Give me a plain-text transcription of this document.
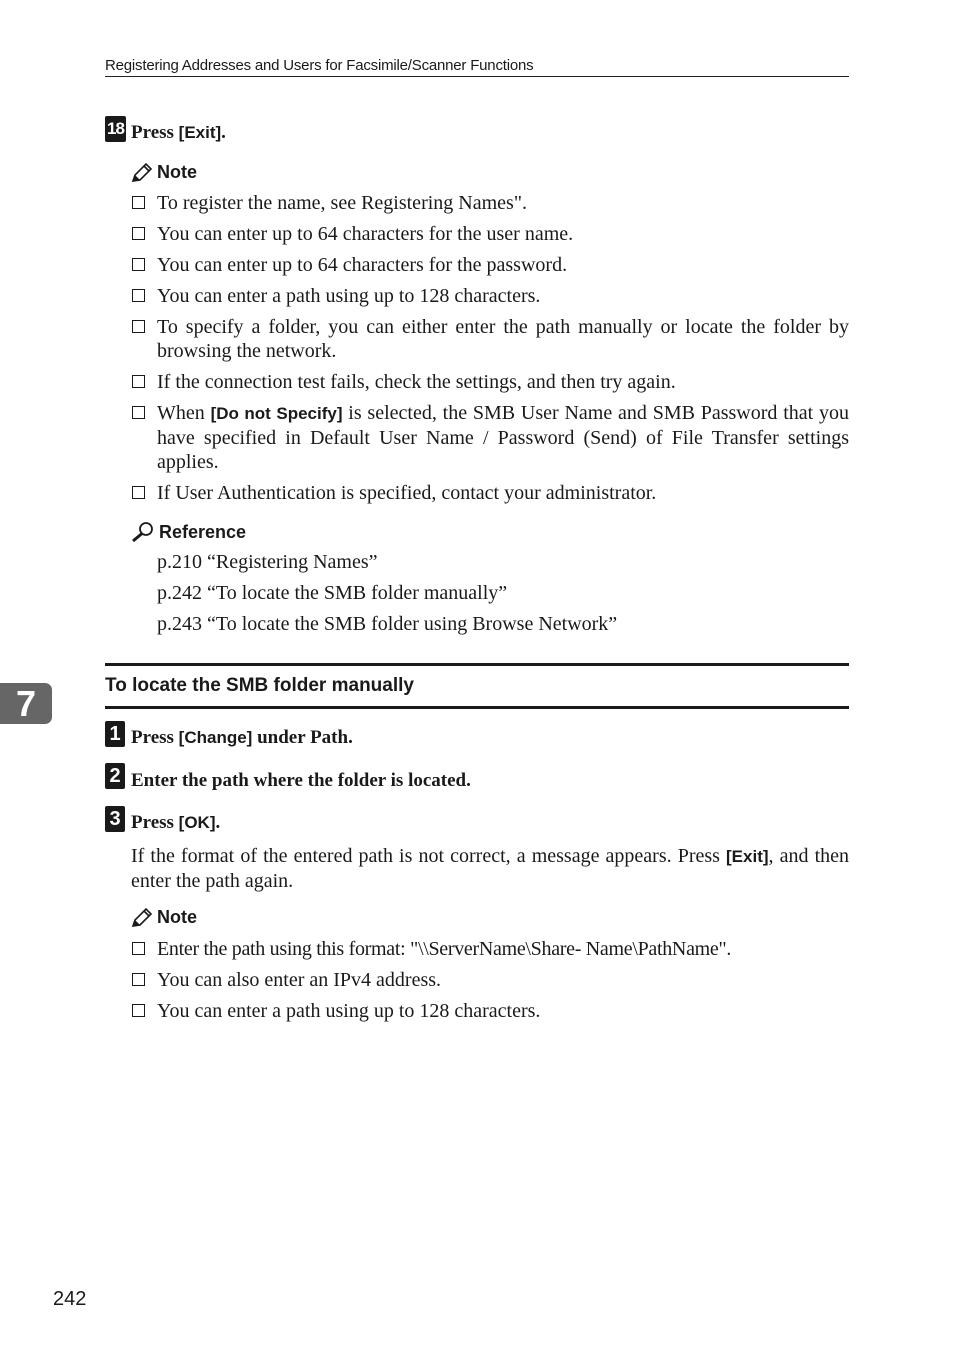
Registering Addresses and Users for Facsimile/Scanner Functions
18 Press [Exit].
Note
To register the name, see Registering Names".
You can enter up to 64 characters for the user name.
You can enter up to 64 characters for the password.
You can enter a path using up to 128 characters.
To specify a folder, you can either enter the path manually or locate the folder by browsing the network.
If the connection test fails, check the settings, and then try again.
When [Do not Specify] is selected, the SMB User Name and SMB Password that you have specified in Default User Name / Password (Send) of File Transfer settings applies.
If User Authentication is specified, contact your administrator.
Reference
p.210 “Registering Names”
p.242 “To locate the SMB folder manually”
p.243 “To locate the SMB folder using Browse Network”
To locate the SMB folder manually
7
1 Press [Change] under Path.
2 Enter the path where the folder is located.
3 Press [OK].
If the format of the entered path is not correct, a message appears. Press [Exit], and then enter the path again.
Note
Enter the path using this format: "\\ServerName\Share- Name\PathName".
You can also enter an IPv4 address.
You can enter a path using up to 128 characters.
242
